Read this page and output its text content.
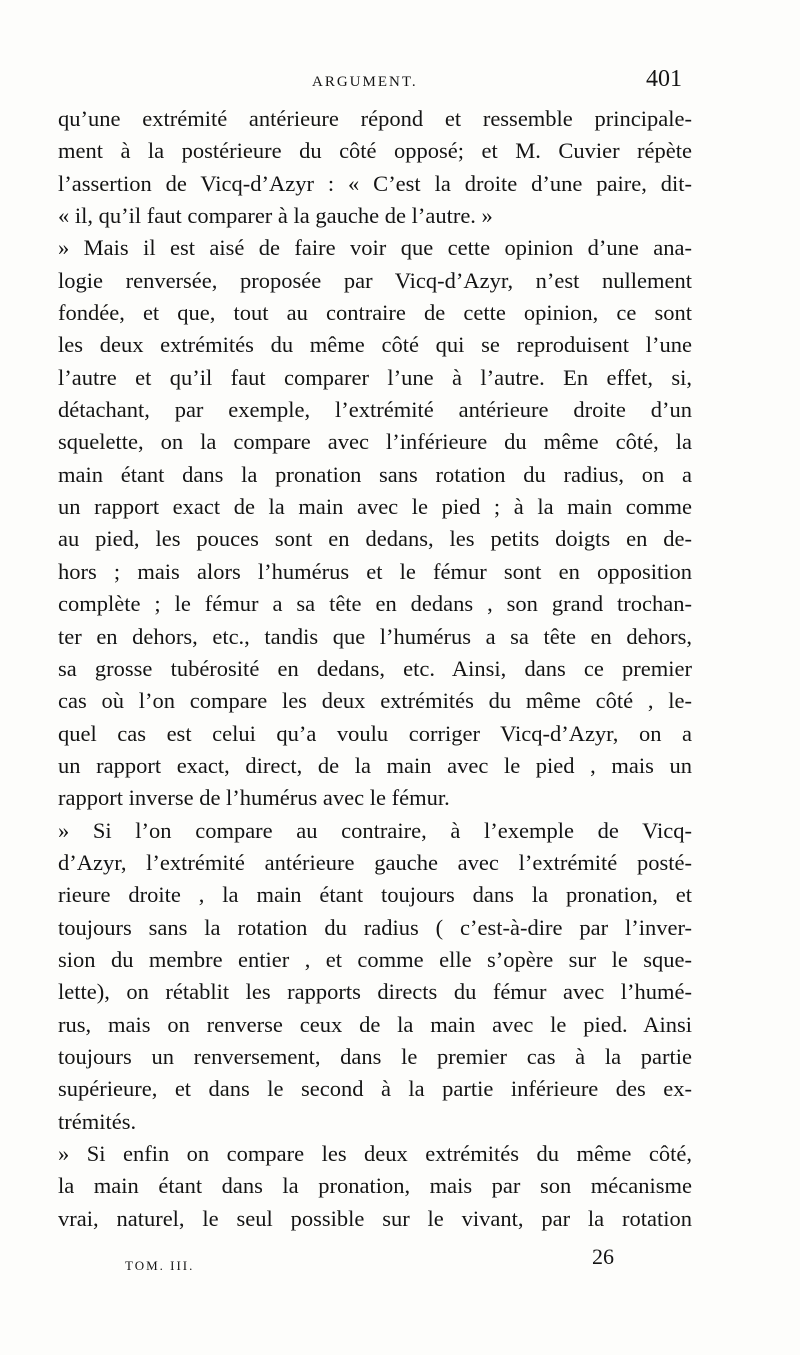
ARGUMENT.	401
qu’une extrémité antérieure répond et ressemble principale-
ment à la postérieure du côté opposé; et M. Cuvier répète
l’assertion de Vicq-d’Azyr : « C’est la droite d’une paire, dit-
« il, qu’il faut comparer à la gauche de l’autre. »
» Mais il est aisé de faire voir que cette opinion d’une ana-
logie renversée, proposée par Vicq-d’Azyr, n’est nullement
fondée, et que, tout au contraire de cette opinion, ce sont
les deux extrémités du même côté qui se reproduisent l’une
l’autre et qu’il faut comparer l’une à l’autre. En effet, si,
détachant, par exemple, l’extrémité antérieure droite d’un
squelette, on la compare avec l’inférieure du même côté, la
main étant dans la pronation sans rotation du radius, on a
un rapport exact de la main avec le pied ; à la main comme
au pied, les pouces sont en dedans, les petits doigts en de-
hors ; mais alors l’humérus et le fémur sont en opposition
complète ; le fémur a sa tête en dedans , son grand trochan-
ter en dehors, etc., tandis que l’humérus a sa tête en dehors,
sa grosse tubérosité en dedans, etc. Ainsi, dans ce premier
cas où l’on compare les deux extrémités du même côté , le-
quel cas est celui qu’a voulu corriger Vicq-d’Azyr, on a
un rapport exact, direct, de la main avec le pied , mais un
rapport inverse de l’humérus avec le fémur.
» Si l’on compare au contraire, à l’exemple de Vicq-
d’Azyr, l’extrémité antérieure gauche avec l’extrémité posté-
rieure droite , la main étant toujours dans la pronation, et
toujours sans la rotation du radius ( c’est-à-dire par l’inver-
sion du membre entier , et comme elle s’opère sur le sque-
lette), on rétablit les rapports directs du fémur avec l’humé-
rus, mais on renverse ceux de la main avec le pied. Ainsi
toujours un renversement, dans le premier cas à la partie
supérieure, et dans le second à la partie inférieure des ex-
trémités.
» Si enfin on compare les deux extrémités du même côté,
la main étant dans la pronation, mais par son mécanisme
vrai, naturel, le seul possible sur le vivant, par la rotation
TOM. III.	26
